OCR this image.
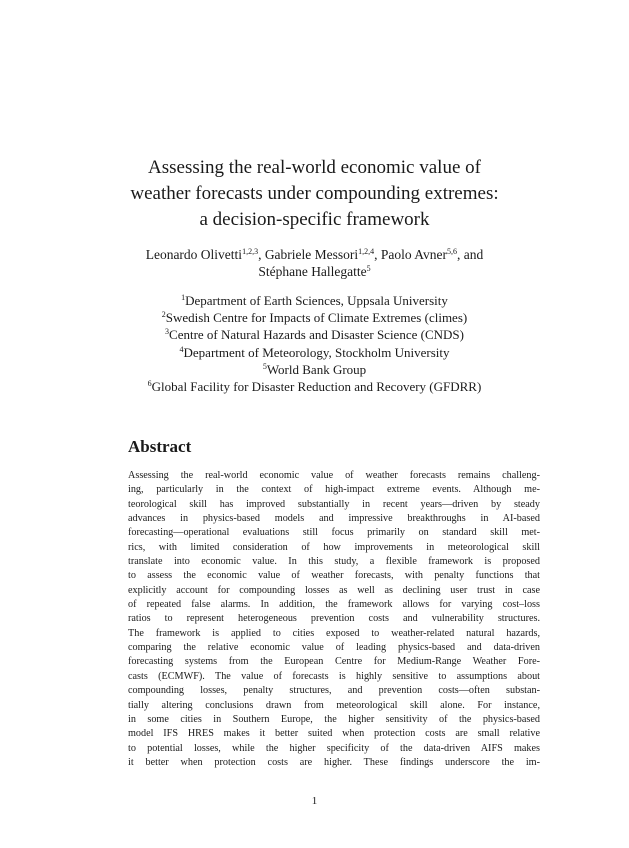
Assessing the real-world economic value of
weather forecasts under compounding extremes:
a decision-specific framework
Leonardo Olivetti$^{1,2,3}$, Gabriele Messori$^{1,2,4}$, Paolo Avner$^{5,6}$, and
Stéphane Hallegatte$^5$
$^1$Department of Earth Sciences, Uppsala University
$^2$Swedish Centre for Impacts of Climate Extremes (climes)
$^3$Centre of Natural Hazards and Disaster Science (CNDS)
$^4$Department of Meteorology, Stockholm University
$^5$World Bank Group
$^6$Global Facility for Disaster Reduction and Recovery (GFDRR)
Abstract
Assessing the real-world economic value of weather forecasts remains challeng-
ing, particularly in the context of high-impact extreme events. Although me-
teorological skill has improved substantially in recent years—driven by steady
advances in physics-based models and impressive breakthroughs in AI-based
forecasting—operational evaluations still focus primarily on standard skill met-
rics, with limited consideration of how improvements in meteorological skill
translate into economic value. In this study, a flexible framework is proposed
to assess the economic value of weather forecasts, with penalty functions that
explicitly account for compounding losses as well as declining user trust in case
of repeated false alarms. In addition, the framework allows for varying cost–loss
ratios to represent heterogeneous prevention costs and vulnerability structures.
The framework is applied to cities exposed to weather-related natural hazards,
comparing the relative economic value of leading physics-based and data-driven
forecasting systems from the European Centre for Medium-Range Weather Fore-
casts (ECMWF). The value of forecasts is highly sensitive to assumptions about
compounding losses, penalty structures, and prevention costs—often substan-
tially altering conclusions drawn from meteorological skill alone. For instance,
in some cities in Southern Europe, the higher sensitivity of the physics-based
model IFS HRES makes it better suited when protection costs are small relative
to potential losses, while the higher specificity of the data-driven AIFS makes
it better when protection costs are higher. These findings underscore the im-
1
